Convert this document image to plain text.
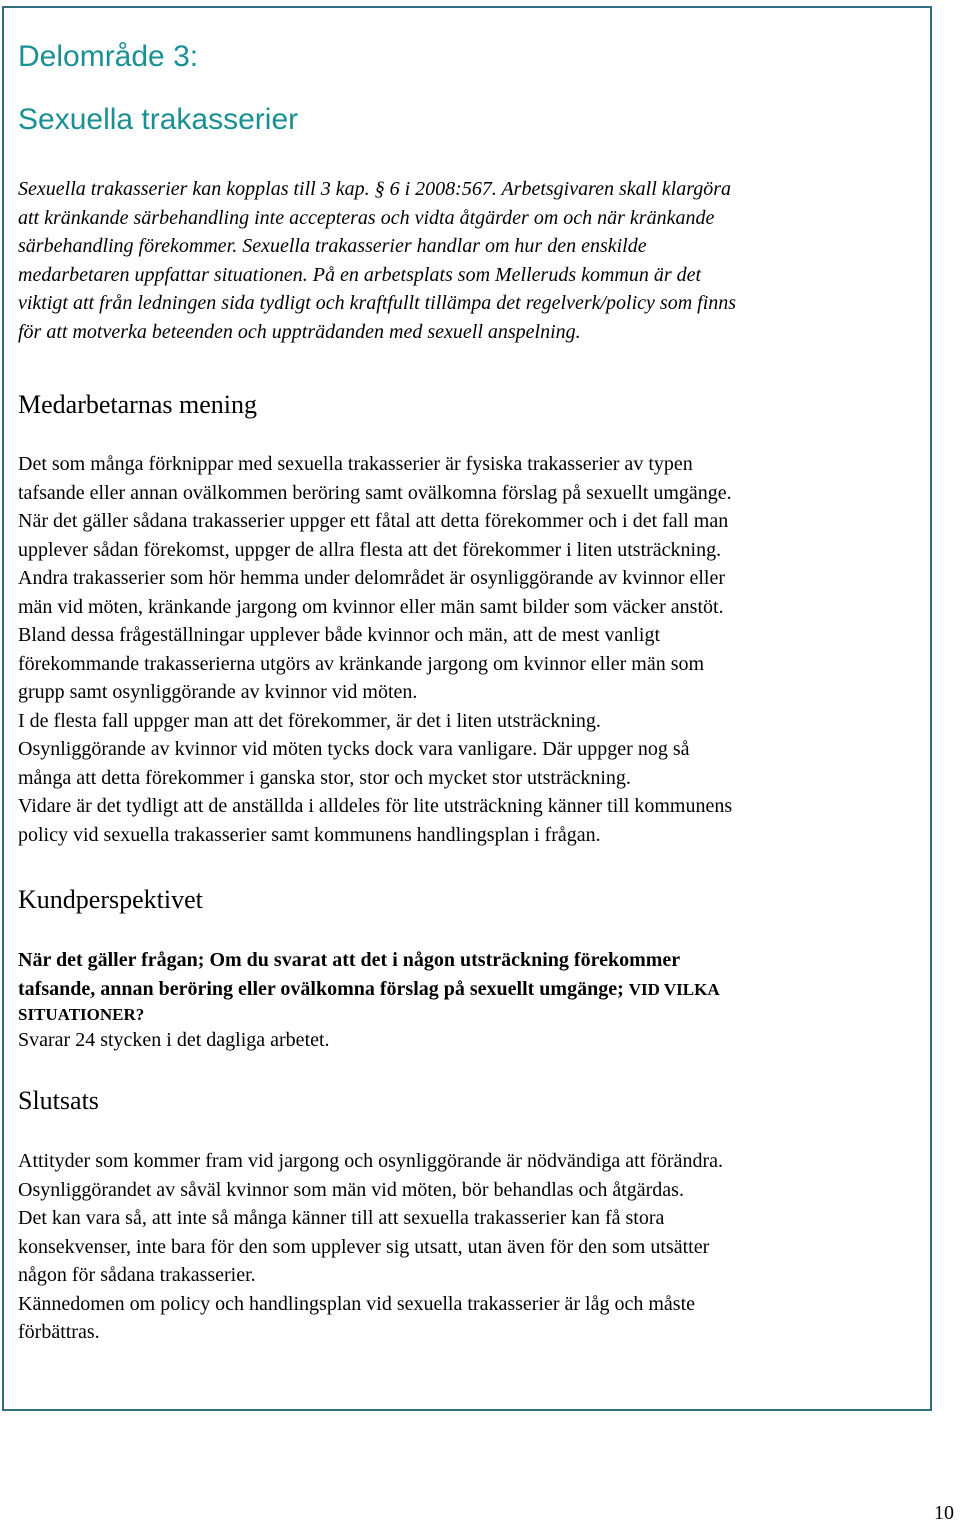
Delområde 3:
Sexuella trakasserier

Sexuella trakasserier kan kopplas till 3 kap. § 6 i 2008:567. Arbetsgivaren skall klargöra
att kränkande särbehandling inte accepteras och vidta åtgärder om och när kränkande
särbehandling förekommer. Sexuella trakasserier handlar om hur den enskilde
medarbetaren uppfattar situationen. På en arbetsplats som Melleruds kommun är det
viktigt att från ledningen sida tydligt och kraftfullt tillämpa det regelverk/policy som finns
för att motverka beteenden och uppträdanden med sexuell anspelning.

Medarbetarnas mening

Det som många förknippar med sexuella trakasserier är fysiska trakasserier av typen
tafsande eller annan ovälkommen beröring samt ovälkomna förslag på sexuellt umgänge.
När det gäller sådana trakasserier uppger ett fåtal att detta förekommer och i det fall man
upplever sådan förekomst, uppger de allra flesta att det förekommer i liten utsträckning.
Andra trakasserier som hör hemma under delområdet är osynliggörande av kvinnor eller
män vid möten, kränkande jargong om kvinnor eller män samt bilder som väcker anstöt.
Bland dessa frågeställningar upplever både kvinnor och män, att de mest vanligt
förekommande trakasserierna utgörs av kränkande jargong om kvinnor eller män som
grupp samt osynliggörande av kvinnor vid möten.
I de flesta fall uppger man att det förekommer, är det i liten utsträckning.
Osynliggörande av kvinnor vid möten tycks dock vara vanligare. Där uppger nog så
många att detta förekommer i ganska stor, stor och mycket stor utsträckning.
Vidare är det tydligt att de anställda i alldeles för lite utsträckning känner till kommunens
policy vid sexuella trakasserier samt kommunens handlingsplan i frågan.

Kundperspektivet

När det gäller frågan; Om du svarat att det i någon utsträckning förekommer
tafsande, annan beröring eller ovälkomna förslag på sexuellt umgänge; VID VILKA
SITUATIONER?
Svarar 24 stycken i det dagliga arbetet.

Slutsats

Attityder som kommer fram vid jargong och osynliggörande är nödvändiga att förändra.
Osynliggörandet av såväl kvinnor som män vid möten, bör behandlas och åtgärdas.
Det kan vara så, att inte så många känner till att sexuella trakasserier kan få stora
konsekvenser, inte bara för den som upplever sig utsatt, utan även för den som utsätter
någon för sådana trakasserier.
Kännedomen om policy och handlingsplan vid sexuella trakasserier är låg och måste
förbättras.

10
